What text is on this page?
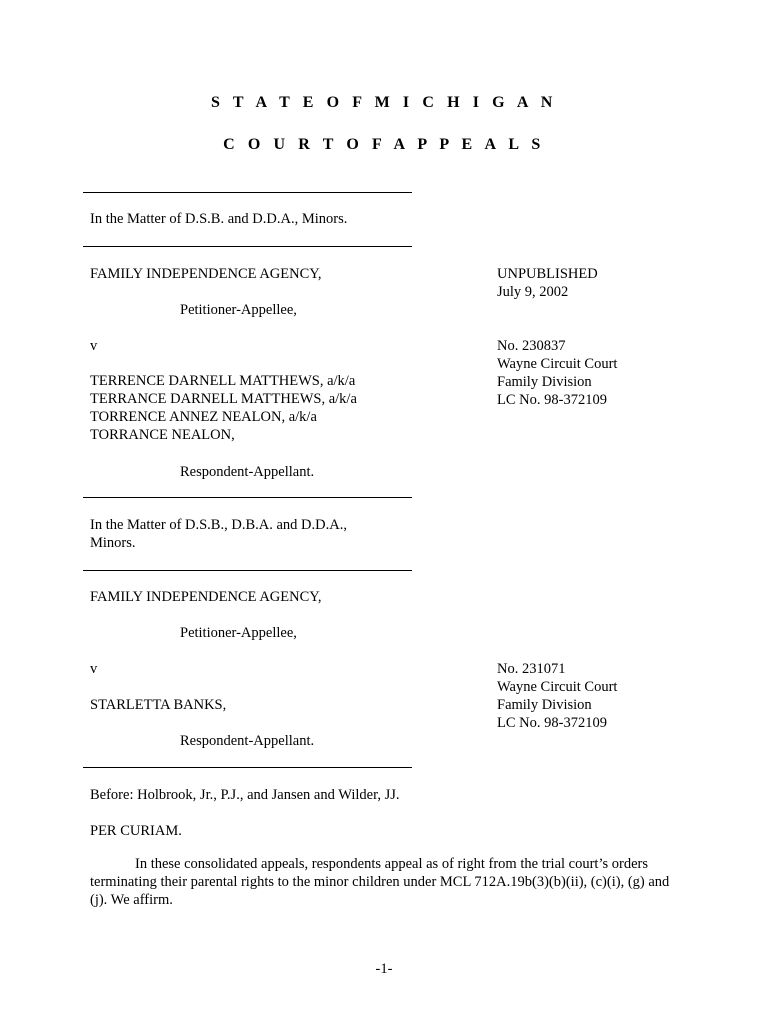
S T A T E O F M I C H I G A N
C O U R T O F A P P E A L S
In the Matter of D.S.B. and D.D.A., Minors.
FAMILY INDEPENDENCE AGENCY,
Petitioner-Appellee,
v
TERRENCE DARNELL MATTHEWS, a/k/a
TERRANCE DARNELL MATTHEWS, a/k/a
TORRENCE ANNEZ NEALON, a/k/a
TORRANCE NEALON,
Respondent-Appellant.
UNPUBLISHED
July 9, 2002
No. 230837
Wayne Circuit Court
Family Division
LC No. 98-372109
In the Matter of D.S.B., D.B.A. and D.D.A.,
Minors.
FAMILY INDEPENDENCE AGENCY,
Petitioner-Appellee,
v
STARLETTA BANKS,
Respondent-Appellant.
No. 231071
Wayne Circuit Court
Family Division
LC No. 98-372109
Before: Holbrook, Jr., P.J., and Jansen and Wilder, JJ.
PER CURIAM.
In these consolidated appeals, respondents appeal as of right from the trial court’s orders terminating their parental rights to the minor children under MCL 712A.19b(3)(b)(ii), (c)(i), (g) and (j). We affirm.
-1-
